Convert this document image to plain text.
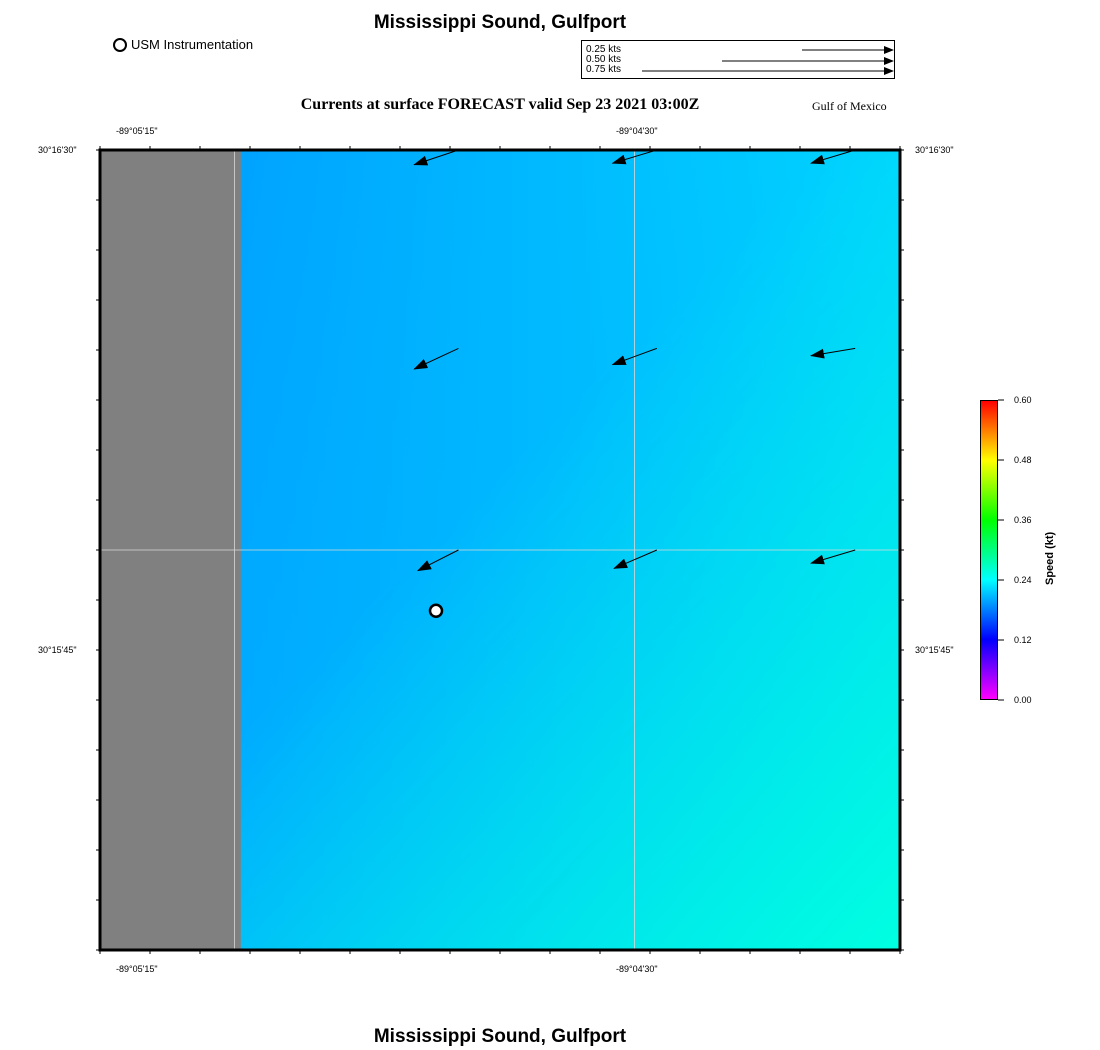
Mississippi Sound, Gulfport
USM Instrumentation	0.25 kts
0.50 kts
0.75 kts
Currents at surface FORECAST valid Sep 23 2021 03:00Z	Gulf of Mexico
-89°05'15"	-89°04'30"
-89°05'15"	-89°04'30"
30°16'30"
30°15'45"
30°16'30"
30°15'45"
0.60
0.48
0.36
0.24
0.12
0.00
Speed (kt)
Mississippi Sound, Gulfport
